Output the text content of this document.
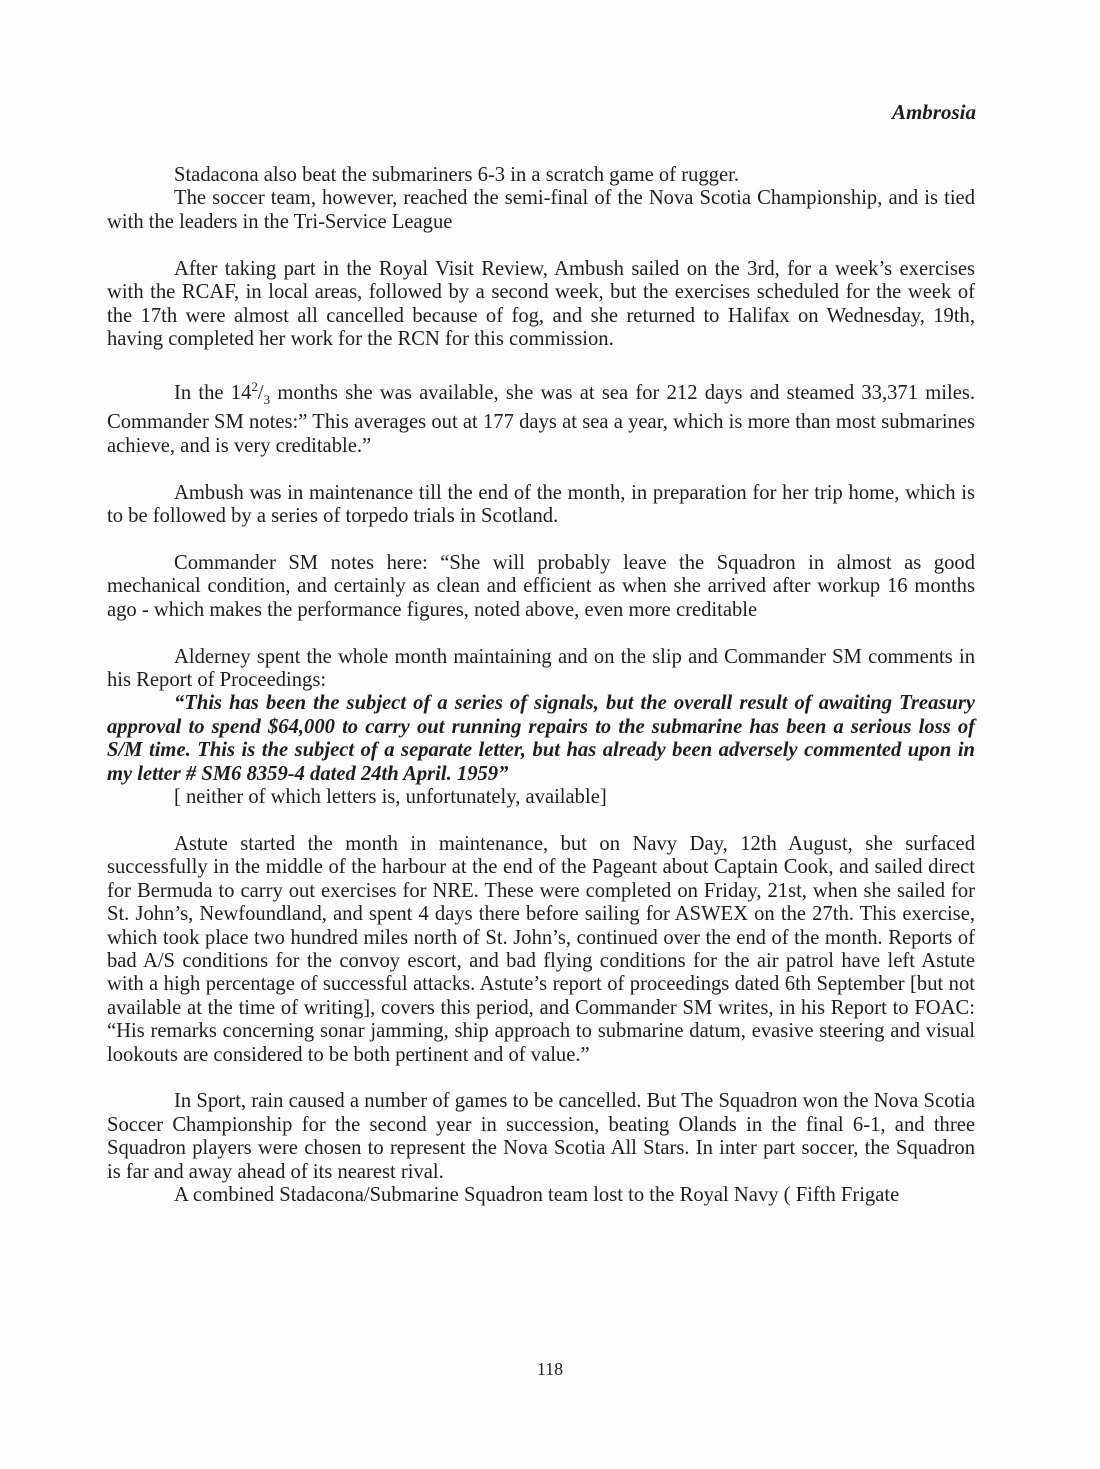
Ambrosia

Stadacona also beat the submariners 6-3 in a scratch game of rugger.

The soccer team, however, reached the semi-final of the Nova Scotia Championship, and is tied with the leaders in the Tri-Service League

After taking part in the Royal Visit Review, Ambush sailed on the 3rd, for a week’s exercises with the RCAF, in local areas, followed by a second week, but the exercises scheduled for the week of the 17th were almost all cancelled because of fog, and she returned to Halifax on Wednesday, 19th, having completed her work for the RCN for this commission.

In the $14^2/_3$ months she was available, she was at sea for 212 days and steamed 33,371 miles. Commander SM notes:” This averages out at 177 days at sea a year, which is more than most submarines achieve, and is very creditable.”

Ambush was in maintenance till the end of the month, in preparation for her trip home, which is to be followed by a series of torpedo trials in Scotland.

Commander SM notes here: “She will probably leave the Squadron in almost as good mechanical condition, and certainly as clean and efficient as when she arrived after workup 16 months ago - which makes the performance figures, noted above, even more creditable

Alderney spent the whole month maintaining and on the slip and Commander SM comments in his Report of Proceedings:

“This has been the subject of a series of signals, but the overall result of awaiting Treasury approval to spend $64,000 to carry out running repairs to the submarine has been a serious loss of S/M time. This is the subject of a separate letter, but has already been adversely commented upon in my letter # SM6 8359-4 dated 24th April. 1959”

[ neither of which letters is, unfortunately, available]

Astute started the month in maintenance, but on Navy Day, 12th August, she surfaced successfully in the middle of the harbour at the end of the Pageant about Captain Cook, and sailed direct for Bermuda to carry out exercises for NRE. These were completed on Friday, 21st, when she sailed for St. John’s, Newfoundland, and spent 4 days there before sailing for ASWEX on the 27th. This exercise, which took place two hundred miles north of St. John’s, continued over the end of the month. Reports of bad A/S conditions for the convoy escort, and bad flying conditions for the air patrol have left Astute with a high percentage of successful attacks. Astute’s report of proceedings dated 6th September [but not available at the time of writing], covers this period, and Commander SM writes, in his Report to FOAC: “His remarks concerning sonar jamming, ship approach to submarine datum, evasive steering and visual lookouts are considered to be both pertinent and of value.”

In Sport, rain caused a number of games to be cancelled. But The Squadron won the Nova Scotia Soccer Championship for the second year in succession, beating Olands in the final 6-1, and three Squadron players were chosen to represent the Nova Scotia All Stars. In inter part soccer, the Squadron is far and away ahead of its nearest rival.

A combined Stadacona/Submarine Squadron team lost to the Royal Navy ( Fifth Frigate

118
